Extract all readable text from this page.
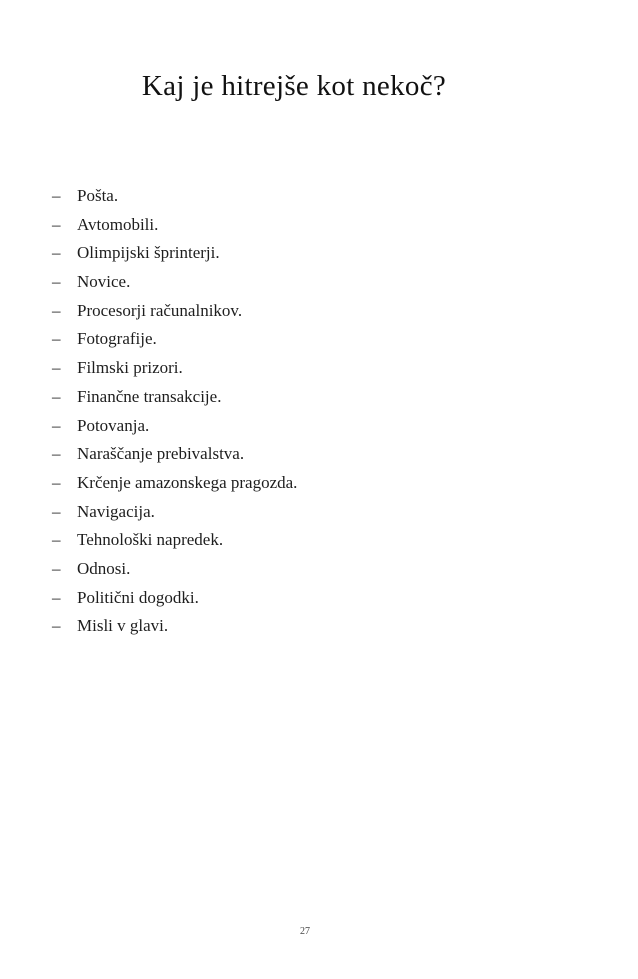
Kaj je hitrejše kot nekoč?
– Pošta.
– Avtomobili.
– Olimpijski šprinterji.
– Novice.
– Procesorji računalnikov.
– Fotografije.
– Filmski prizori.
– Finančne transakcije.
– Potovanja.
– Naraščanje prebivalstva.
– Krčenje amazonskega pragozda.
– Navigacija.
– Tehnološki napredek.
– Odnosi.
– Politični dogodki.
– Misli v glavi.
27
